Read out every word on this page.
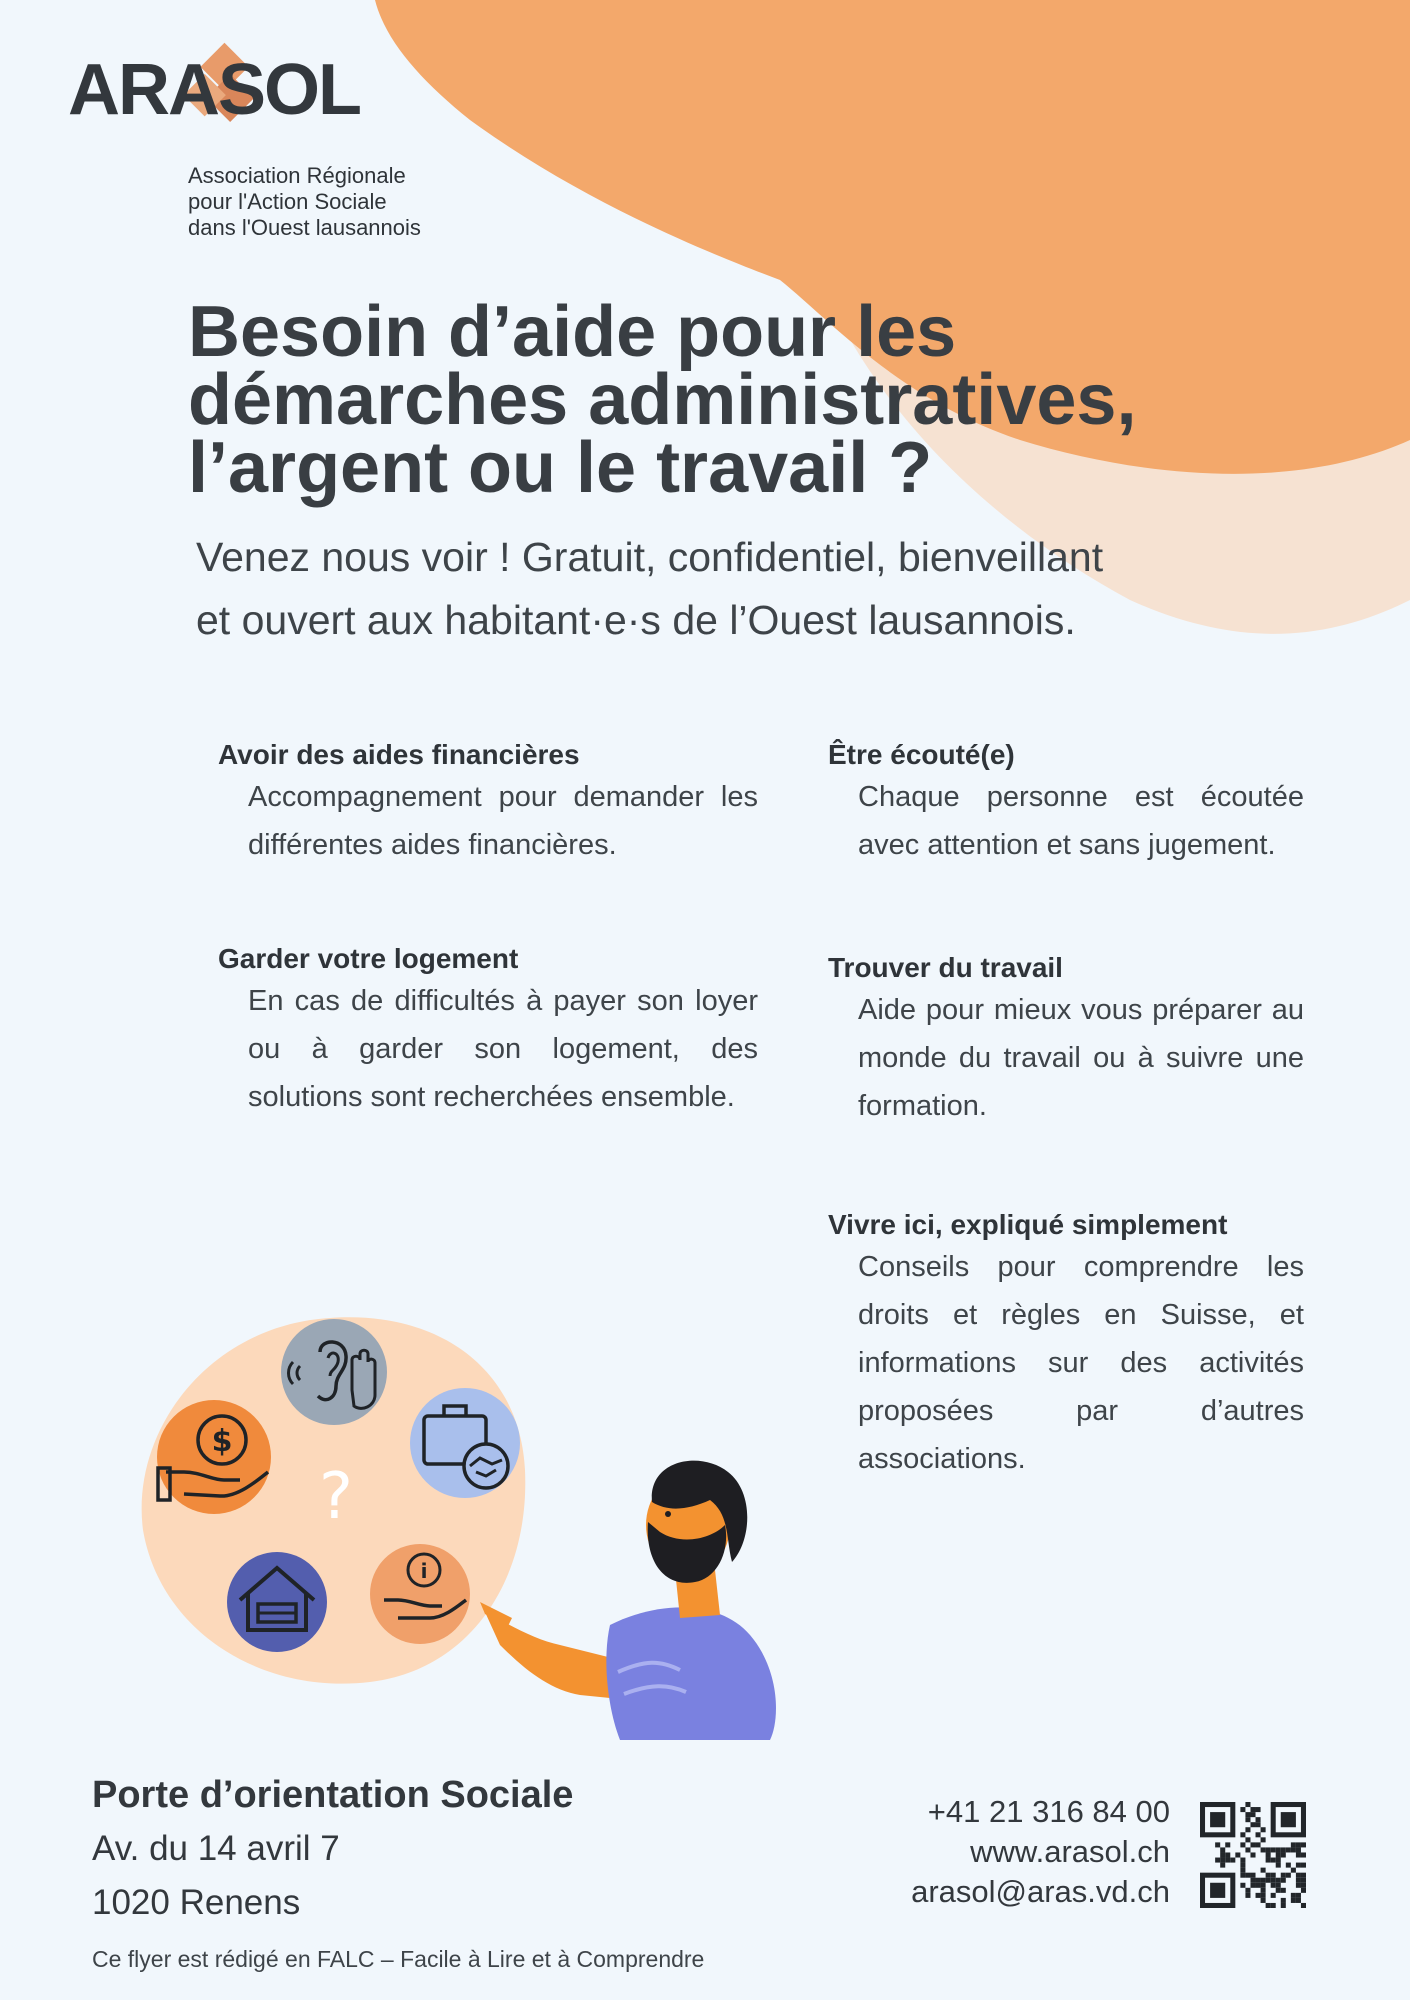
ARASOL
Association Régionale
pour l'Action Sociale
dans l'Ouest lausannois
Besoin d’aide pour les
démarches administratives,
l’argent ou le travail ?
Venez nous voir ! Gratuit, confidentiel, bienveillant
et ouvert aux habitant·e·s de l’Ouest lausannois.
Avoir des aides financières
Accompagnement pour demander les différentes aides financières.
Garder votre logement
En cas de difficultés à payer son loyer ou à garder son logement, des solutions sont recherchées ensemble.
Être écouté(e)
Chaque personne est écoutée avec attention et sans jugement.
Trouver du travail
Aide pour mieux vous préparer au monde du travail ou à suivre une formation.
Vivre ici, expliqué simplement
Conseils pour comprendre les droits et règles en Suisse, et informations sur des activités proposées par d’autres associations.
$
?
i
Porte d’orientation Sociale
Av. du 14 avril 7
1020 Renens
+41 21 316 84 00
www.arasol.ch
arasol@aras.vd.ch
Ce flyer est rédigé en FALC – Facile à Lire et à Comprendre
